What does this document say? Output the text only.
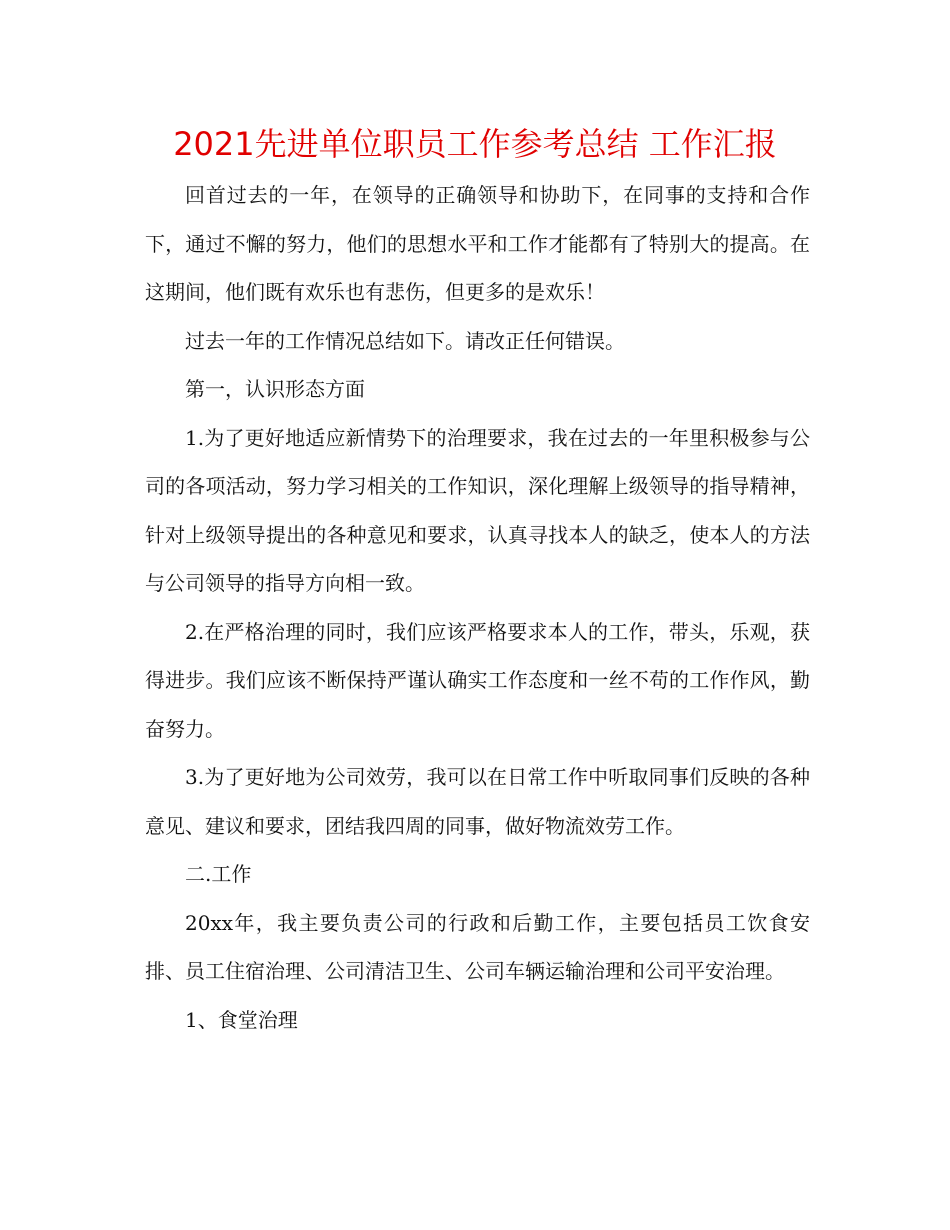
2021先进单位职员工作参考总结 工作汇报

回首过去的一年，在领导的正确领导和协助下，在同事的支持和合作下，通过不懈的努力，他们的思想水平和工作才能都有了特别大的提高。在这期间，他们既有欢乐也有悲伤，但更多的是欢乐！

过去一年的工作情况总结如下。请改正任何错误。

第一，认识形态方面

1.为了更好地适应新情势下的治理要求，我在过去的一年里积极参与公司的各项活动，努力学习相关的工作知识，深化理解上级领导的指导精神，针对上级领导提出的各种意见和要求，认真寻找本人的缺乏，使本人的方法与公司领导的指导方向相一致。

2.在严格治理的同时，我们应该严格要求本人的工作，带头，乐观，获得进步。我们应该不断保持严谨认确实工作态度和一丝不苟的工作作风，勤奋努力。

3.为了更好地为公司效劳，我可以在日常工作中听取同事们反映的各种意见、建议和要求，团结我四周的同事，做好物流效劳工作。

二.工作

20xx年，我主要负责公司的行政和后勤工作，主要包括员工饮食安排、员工住宿治理、公司清洁卫生、公司车辆运输治理和公司平安治理。

1、食堂治理
